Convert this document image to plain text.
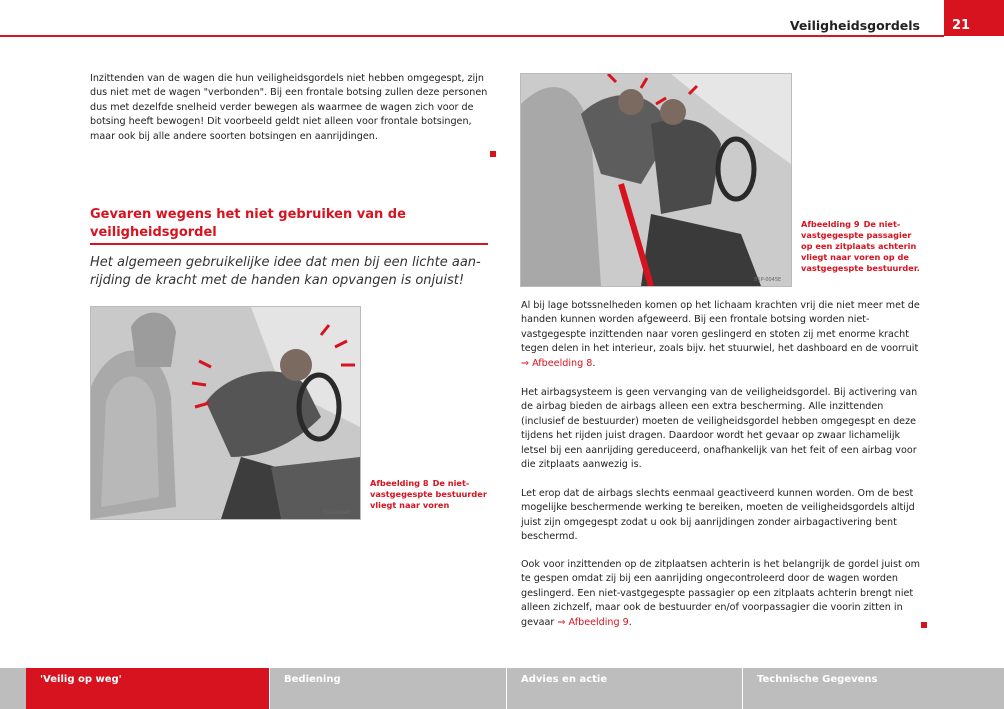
Veiligheidsgordels	21

Inzittenden van de wagen die hun veiligheidsgordels niet hebben omgegespt, zijn dus niet met de wagen "verbonden". Bij een frontale botsing zullen deze personen dus met dezelfde snelheid verder bewegen als waarmee de wagen zich voor de botsing heeft bewogen! Dit voorbeeld geldt niet alleen voor frontale botsingen, maar ook bij alle andere soorten botsingen en aanrijdingen.

Gevaren wegens het niet gebruiken van de
veiligheidsgordel

Het algemeen gebruikelijke idee dat men bij een lichte aanrijding de kracht met de handen kan opvangen is onjuist!

B1P-0044E

Afbeelding 8 De niet-vastgegespte bestuurder vliegt naar voren

B1P-0045E

Afbeelding 9 De niet-vastgegespte passagier op een zitplaats achterin vliegt naar voren op de vastgegespte bestuurder.

Al bij lage botssnelheden komen op het lichaam krachten vrij die niet meer met de handen kunnen worden afgeweerd. Bij een frontale botsing worden niet-vastgegespte inzittenden naar voren geslingerd en stoten zij met enorme kracht tegen delen in het interieur, zoals bijv. het stuurwiel, het dashboard en de voorruit ⇒ Afbeelding 8.

Het airbagsysteem is geen vervanging van de veiligheidsgordel. Bij activering van de airbag bieden de airbags alleen een extra bescherming. Alle inzittenden (inclusief de bestuurder) moeten de veiligheidsgordel hebben omgegespt en deze tijdens het rijden juist dragen. Daardoor wordt het gevaar op zwaar lichamelijk letsel bij een aanrijding gereduceerd, onafhankelijk van het feit of een airbag voor die zitplaats aanwezig is.

Let erop dat de airbags slechts eenmaal geactiveerd kunnen worden. Om de best mogelijke beschermende werking te bereiken, moeten de veiligheidsgordels altijd juist zijn omgegespt zodat u ook bij aanrijdingen zonder airbagactivering bent beschermd.

Ook voor inzittenden op de zitplaatsen achterin is het belangrijk de gordel juist om te gespen omdat zij bij een aanrijding ongecontroleerd door de wagen worden geslingerd. Een niet-vastgegespte passagier op een zitplaats achterin brengt niet alleen zichzelf, maar ook de bestuurder en/of voorpassagier die voorin zitten in gevaar ⇒ Afbeelding 9.

'Veilig op weg'	Bediening	Advies en actie	Technische Gegevens
